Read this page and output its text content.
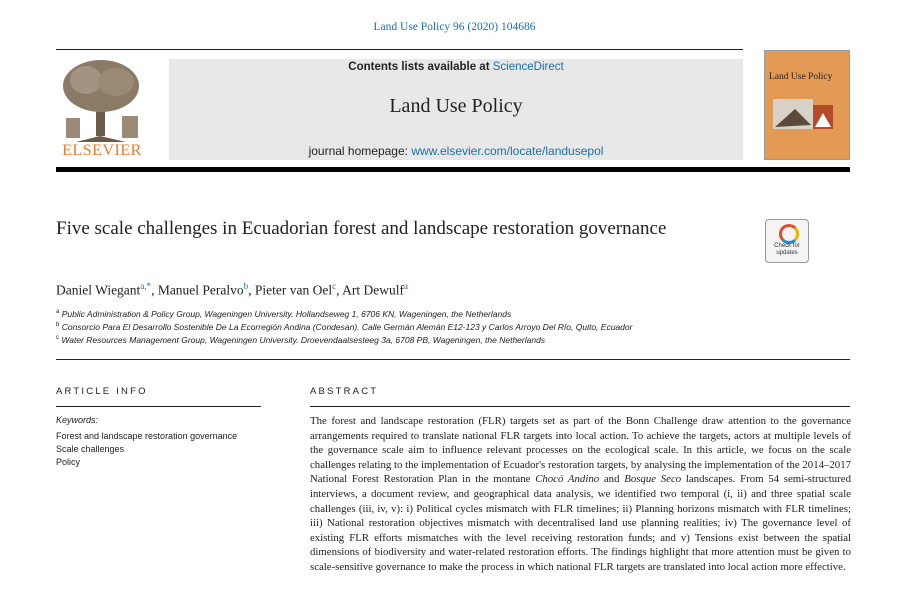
Land Use Policy 96 (2020) 104686
ELSEVIER
Contents lists available at ScienceDirect
Land Use Policy
journal homepage: www.elsevier.com/locate/landusepol
Land Use Policy
Five scale challenges in Ecuadorian forest and landscape restoration governance
Check for
updates
Daniel Wiegant$^{a,*}$, Manuel Peralvo$^b$, Pieter van Oel$^c$, Art Dewulf$^a$
$^a$ Public Administration & Policy Group, Wageningen University. Hollandseweg 1, 6706 KN, Wageningen, the Netherlands
$^b$ Consorcio Para El Desarrollo Sostenible De La Ecorregión Andina (Condesan). Calle Germán Alemán E12-123 y Carlos Arroyo Del Río, Quito, Ecuador
$^c$ Water Resources Management Group, Wageningen University. Droevendaalsesteeg 3a, 6708 PB, Wageningen, the Netherlands
ARTICLE INFO
Keywords:
Forest and landscape restoration governance
Scale challenges
Policy
ABSTRACT
The forest and landscape restoration (FLR) targets set as part of the Bonn Challenge draw attention to the governance arrangements required to translate national FLR targets into local action. To achieve the targets, actors at multiple levels of the governance scale aim to influence relevant processes on the ecological scale. In this article, we focus on the scale challenges relating to the implementation of Ecuador's restoration targets, by analysing the implementation of the 2014–2017 National Forest Restoration Plan in the montane Chocó Andino and Bosque Seco landscapes. From 54 semi-structured interviews, a document review, and geographical data analysis, we identified two temporal (i, ii) and three spatial scale challenges (iii, iv, v): i) Political cycles mismatch with FLR timelines; ii) Planning horizons mismatch with FLR timelines; iii) National restoration objectives mismatch with decentralised land use planning realities; iv) The governance level of existing FLR efforts mismatches with the level receiving restoration funds; and v) Tensions exist between the spatial dimensions of biodiversity and water-related restoration efforts. The findings highlight that more attention must be given to scale-sensitive governance to make the process in which national FLR targets are translated into local action more effective.
